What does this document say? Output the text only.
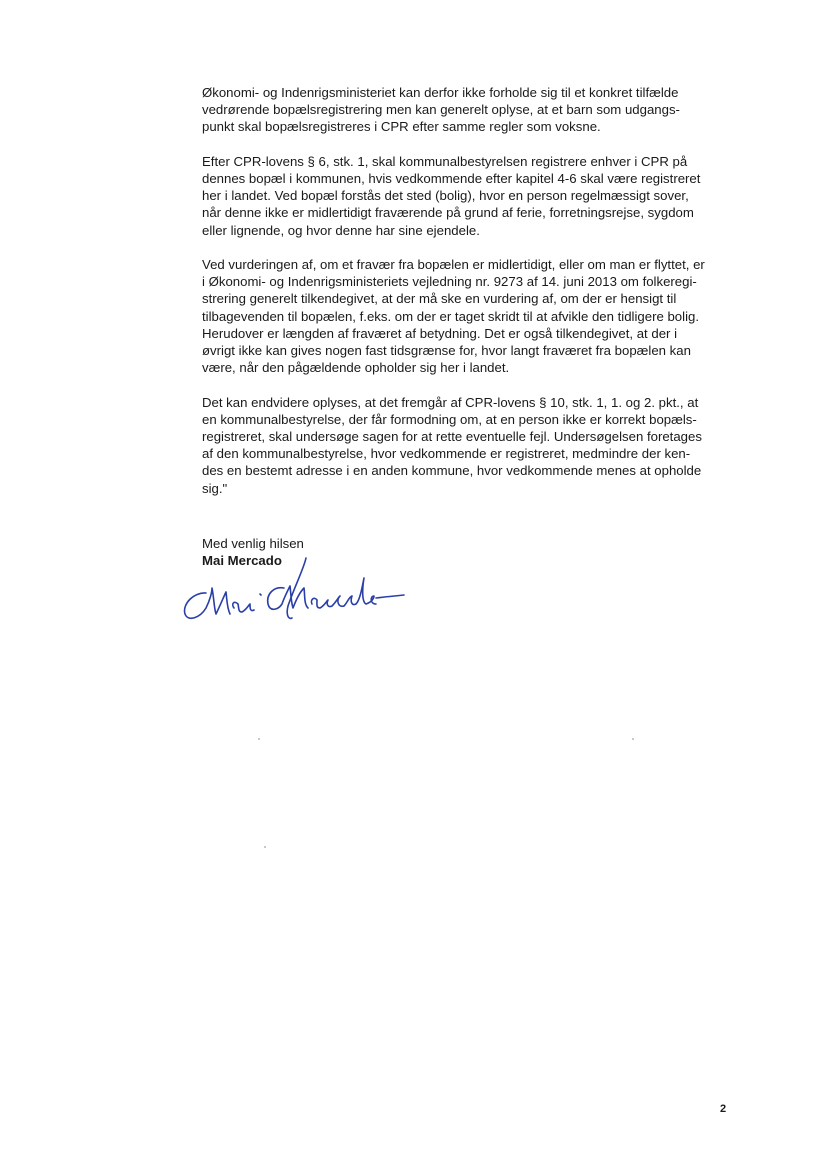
Økonomi- og Indenrigsministeriet kan derfor ikke forholde sig til et konkret tilfælde
vedrørende bopælsregistrering men kan generelt oplyse, at et barn som udgangs-
punkt skal bopælsregistreres i CPR efter samme regler som voksne.

Efter CPR-lovens § 6, stk. 1, skal kommunalbestyrelsen registrere enhver i CPR på
dennes bopæl i kommunen, hvis vedkommende efter kapitel 4-6 skal være registreret
her i landet. Ved bopæl forstås det sted (bolig), hvor en person regelmæssigt sover,
når denne ikke er midlertidigt fraværende på grund af ferie, forretningsrejse, sygdom
eller lignende, og hvor denne har sine ejendele.

Ved vurderingen af, om et fravær fra bopælen er midlertidigt, eller om man er flyttet, er
i Økonomi- og Indenrigsministeriets vejledning nr. 9273 af 14. juni 2013 om folkeregi-
strering generelt tilkendegivet, at der må ske en vurdering af, om der er hensigt til
tilbagevenden til bopælen, f.eks. om der er taget skridt til at afvikle den tidligere bolig.
Herudover er længden af fraværet af betydning. Det er også tilkendegivet, at der i
øvrigt ikke kan gives nogen fast tidsgrænse for, hvor langt fraværet fra bopælen kan
være, når den pågældende opholder sig her i landet.

Det kan endvidere oplyses, at det fremgår af CPR-lovens § 10, stk. 1, 1. og 2. pkt., at
en kommunalbestyrelse, der får formodning om, at en person ikke er korrekt bopæls-
registreret, skal undersøge sagen for at rette eventuelle fejl. Undersøgelsen foretages
af den kommunalbestyrelse, hvor vedkommende er registreret, medmindre der ken-
des en bestemt adresse i en anden kommune, hvor vedkommende menes at opholde
sig."

Med venlig hilsen
Mai Mercado
2
